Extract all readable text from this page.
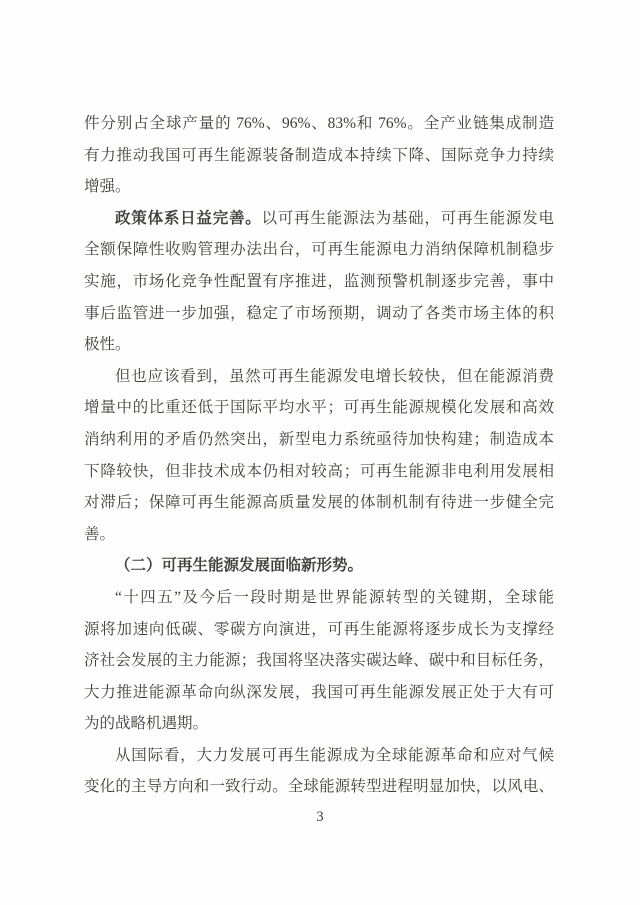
件分别占全球产量的 76%、96%、83%和 76%。全产业链集成制造
有力推动我国可再生能源装备制造成本持续下降、国际竞争力持续
增强。
政策体系日益完善。以可再生能源法为基础，可再生能源发电
全额保障性收购管理办法出台，可再生能源电力消纳保障机制稳步
实施，市场化竞争性配置有序推进，监测预警机制逐步完善，事中
事后监管进一步加强，稳定了市场预期，调动了各类市场主体的积
极性。
但也应该看到，虽然可再生能源发电增长较快，但在能源消费
增量中的比重还低于国际平均水平；可再生能源规模化发展和高效
消纳利用的矛盾仍然突出，新型电力系统亟待加快构建；制造成本
下降较快，但非技术成本仍相对较高；可再生能源非电利用发展相
对滞后；保障可再生能源高质量发展的体制机制有待进一步健全完
善。
（二）可再生能源发展面临新形势。
“十四五”及今后一段时期是世界能源转型的关键期，全球能
源将加速向低碳、零碳方向演进，可再生能源将逐步成长为支撑经
济社会发展的主力能源；我国将坚决落实碳达峰、碳中和目标任务，
大力推进能源革命向纵深发展，我国可再生能源发展正处于大有可
为的战略机遇期。
从国际看，大力发展可再生能源成为全球能源革命和应对气候
变化的主导方向和一致行动。全球能源转型进程明显加快，以风电、
3
